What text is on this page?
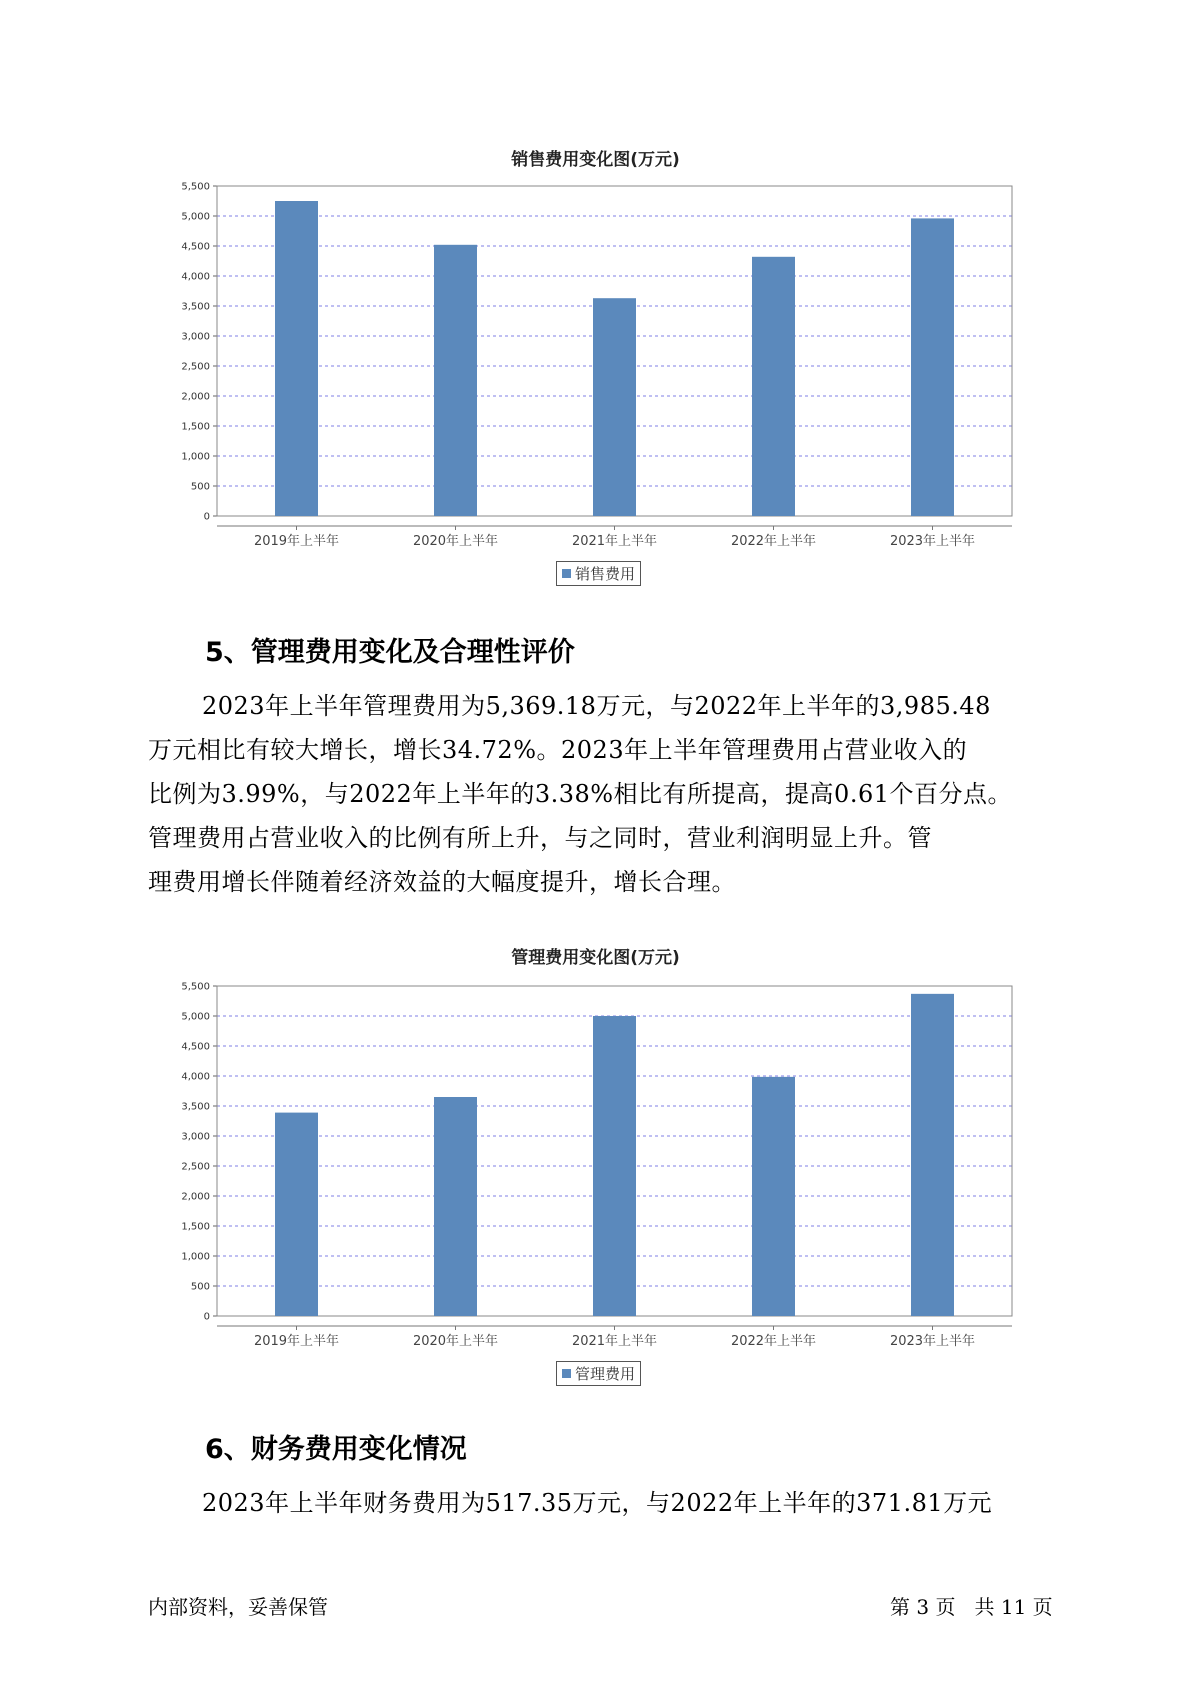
销售费用变化图(万元)
0
500
1,000
1,500
2,000
2,500
3,000
3,500
4,000
4,500
5,000
5,500
2019年上半年	2020年上半年	2021年上半年	2022年上半年	2023年上半年
销售费用
5、管理费用变化及合理性评价
2023年上半年管理费用为5,369.18万元，与2022年上半年的3,985.48
万元相比有较大增长，增长34.72%。2023年上半年管理费用占营业收入的
比例为3.99%，与2022年上半年的3.38%相比有所提高，提高0.61个百分点。
管理费用占营业收入的比例有所上升，与之同时，营业利润明显上升。管
理费用增长伴随着经济效益的大幅度提升，增长合理。
管理费用变化图(万元)
0
500
1,000
1,500
2,000
2,500
3,000
3,500
4,000
4,500
5,000
5,500
2019年上半年	2020年上半年	2021年上半年	2022年上半年	2023年上半年
管理费用
6、财务费用变化情况
2023年上半年财务费用为517.35万元，与2022年上半年的371.81万元
内部资料，妥善保管	第 3 页   共 11 页
